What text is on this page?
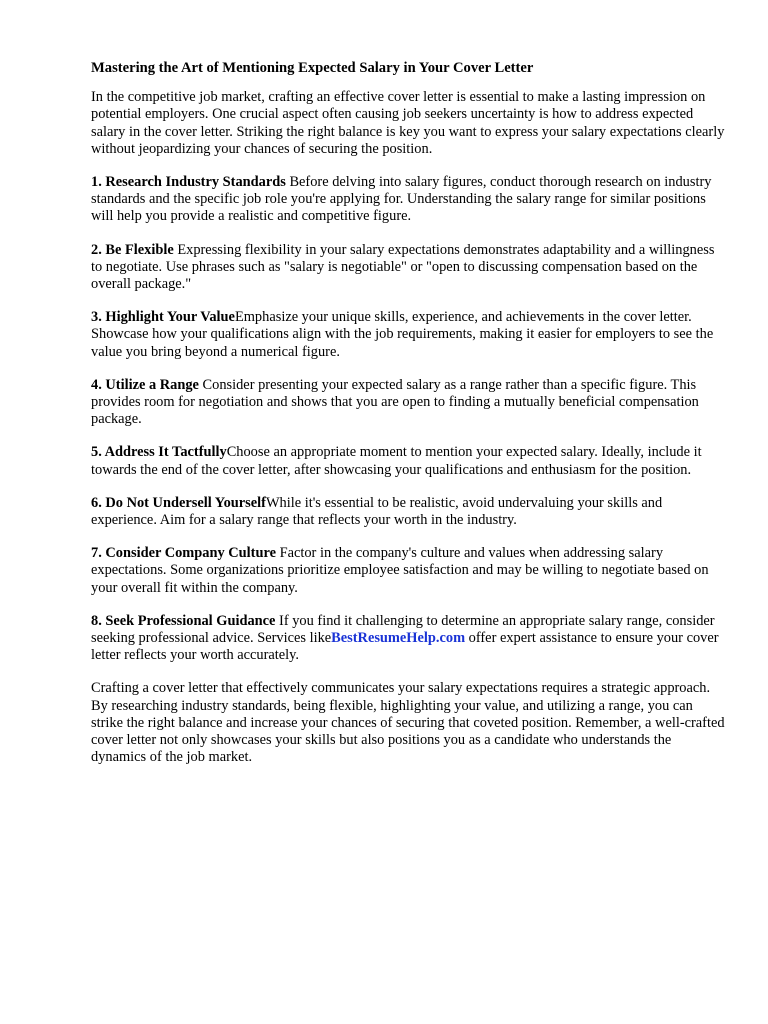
Mastering the Art of Mentioning Expected Salary in Your Cover Letter

In the competitive job market, crafting an effective cover letter is essential to make a lasting impression on potential employers. One crucial aspect often causing job seekers uncertainty is how to address expected salary in the cover letter. Striking the right balance is key you want to express your salary expectations clearly without jeopardizing your chances of securing the position.

1. Research Industry Standards Before delving into salary figures, conduct thorough research on industry standards and the specific job role you're applying for. Understanding the salary range for similar positions will help you provide a realistic and competitive figure.

2. Be Flexible Expressing flexibility in your salary expectations demonstrates adaptability and a willingness to negotiate. Use phrases such as "salary is negotiable" or "open to discussing compensation based on the overall package."

3. Highlight Your ValueEmphasize your unique skills, experience, and achievements in the cover letter. Showcase how your qualifications align with the job requirements, making it easier for employers to see the value you bring beyond a numerical figure.

4. Utilize a Range Consider presenting your expected salary as a range rather than a specific figure. This provides room for negotiation and shows that you are open to finding a mutually beneficial compensation package.

5. Address It TactfullyChoose an appropriate moment to mention your expected salary. Ideally, include it towards the end of the cover letter, after showcasing your qualifications and enthusiasm for the position.

6. Do Not Undersell YourselfWhile it's essential to be realistic, avoid undervaluing your skills and experience. Aim for a salary range that reflects your worth in the industry.

7. Consider Company Culture Factor in the company's culture and values when addressing salary expectations. Some organizations prioritize employee satisfaction and may be willing to negotiate based on your overall fit within the company.

8. Seek Professional Guidance If you find it challenging to determine an appropriate salary range, consider seeking professional advice. Services likeBestResumeHelp.com offer expert assistance to ensure your cover letter reflects your worth accurately.

Crafting a cover letter that effectively communicates your salary expectations requires a strategic approach. By researching industry standards, being flexible, highlighting your value, and utilizing a range, you can strike the right balance and increase your chances of securing that coveted position. Remember, a well-crafted cover letter not only showcases your skills but also positions you as a candidate who understands the dynamics of the job market.
